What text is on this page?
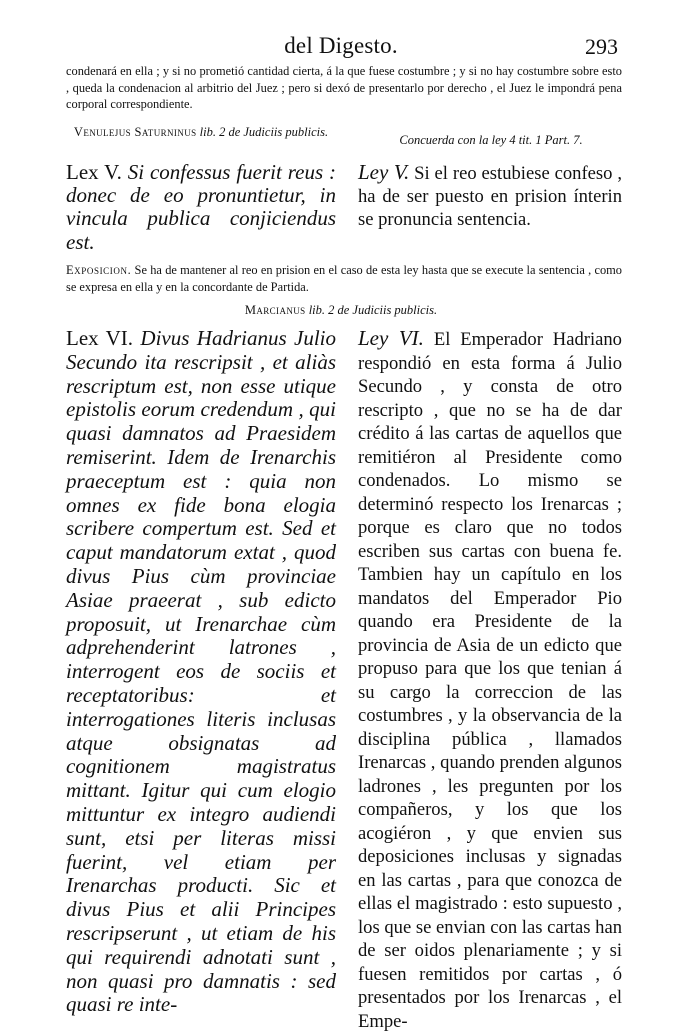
del Digesto.	293

condenará en ella ; y si no prometió cantidad cierta, á la que fuese costumbre ; y si no hay costumbre sobre esto , queda la condenacion al arbitrio del Juez ; pero si dexó de presentarlo por derecho , el Juez le impondrá pena corporal correspondiente.

Venulejus Saturninus lib. 2 de Judiciis publicis.
Concuerda con la ley 4 tit. 1 Part. 7.

Lex V. Si confessus fuerit reus : donec de eo pronuntietur, in vincula publica conjiciendus est.

Ley V. Si el reo estubiese confeso , ha de ser puesto en prision ínterin se pronuncia sentencia.

Exposicion. Se ha de mantener al reo en prision en el caso de esta ley hasta que se execute la sentencia , como se expresa en ella y en la concordante de Partida.

Marcianus lib. 2 de Judiciis publicis.

Lex VI. Divus Hadrianus Julio Secundo ita rescripsit , et aliàs rescriptum est, non esse utique epistolis eorum credendum , qui quasi damnatos ad Praesidem remiserint. Idem de Irenarchis praeceptum est : quia non omnes ex fide bona elogia scribere compertum est. Sed et caput mandatorum extat , quod divus Pius cùm provinciae Asiae praeerat , sub edicto proposuit, ut Irenarchae cùm adprehenderint latrones , interrogent eos de sociis et receptatoribus: et interrogationes literis inclusas atque obsignatas ad cognitionem magistratus mittant. Igitur qui cum elogio mittuntur ex integro audiendi sunt, etsi per literas missi fuerint, vel etiam per Irenarchas producti. Sic et divus Pius et alii Principes rescripserunt , ut etiam de his qui requirendi adnotati sunt , non quasi pro damnatis : sed quasi re inte-

Ley VI. El Emperador Hadriano respondió en esta forma á Julio Secundo , y consta de otro rescripto , que no se ha de dar crédito á las cartas de aquellos que remitiéron al Presidente como condenados. Lo mismo se determinó respecto los Irenarcas ; porque es claro que no todos escriben sus cartas con buena fe. Tambien hay un capítulo en los mandatos del Emperador Pio quando era Presidente de la provincia de Asia de un edicto que propuso para que los que tenian á su cargo la correccion de las costumbres , y la observancia de la disciplina pública , llamados Irenarcas , quando prenden algunos ladrones , les pregunten por los compañeros, y los que los acogiéron , y que envien sus deposiciones inclusas y signadas en las cartas , para que conozca de ellas el magistrado : esto supuesto , los que se envian con las cartas han de ser oidos plenariamente ; y si fuesen remitidos por cartas , ó presentados por los Irenarcas , el Empe-
